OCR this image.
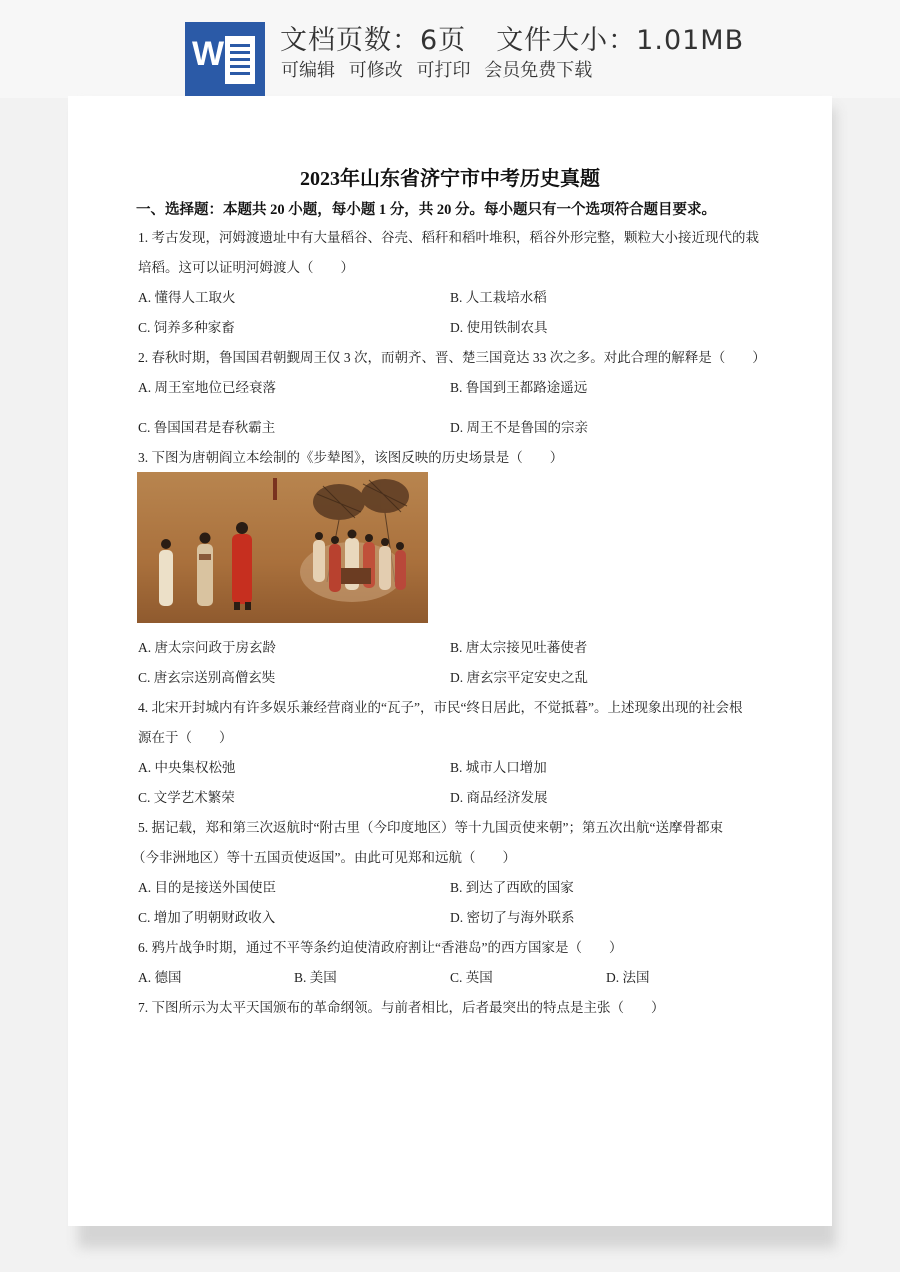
W 文档页数：6页 文件大小：1.01MB
可编辑 可修改 可打印 会员免费下载
2023年山东省济宁市中考历史真题
一、选择题：本题共 20 小题，每小题 1 分，共 20 分。每小题只有一个选项符合题目要求。
1. 考古发现，河姆渡遗址中有大量稻谷、谷壳、稻秆和稻叶堆积，稻谷外形完整，颗粒大小接近现代的栽
培稻。这可以证明河姆渡人（　　）
A. 懂得人工取火	B. 人工栽培水稻
C. 饲养多种家畜	D. 使用铁制农具
2. 春秋时期，鲁国国君朝觐周王仅 3 次，而朝齐、晋、楚三国竟达 33 次之多。对此合理的解释是（　　）
A. 周王室地位已经衰落	B. 鲁国到王都路途遥远
C. 鲁国国君是春秋霸主	D. 周王不是鲁国的宗亲
3. 下图为唐朝阎立本绘制的《步辇图》，该图反映的历史场景是（　　）
A. 唐太宗问政于房玄龄	B. 唐太宗接见吐蕃使者
C. 唐玄宗送别高僧玄奘	D. 唐玄宗平定安史之乱
4. 北宋开封城内有许多娱乐兼经营商业的“瓦子”，市民“终日居此，不觉抵暮”。上述现象出现的社会根
源在于（　　）
A. 中央集权松弛	B. 城市人口增加
C. 文学艺术繁荣	D. 商品经济发展
5. 据记载，郑和第三次返航时“附古里（今印度地区）等十九国贡使来朝”；第五次出航“送摩骨都束
（今非洲地区）等十五国贡使返国”。由此可见郑和远航（　　）
A. 目的是接送外国使臣	B. 到达了西欧的国家
C. 增加了明朝财政收入	D. 密切了与海外联系
6. 鸦片战争时期，通过不平等条约迫使清政府割让“香港岛”的西方国家是（　　）
A. 德国	B. 美国	C. 英国	D. 法国
7. 下图所示为太平天国颁布的革命纲领。与前者相比，后者最突出的特点是主张（　　）
